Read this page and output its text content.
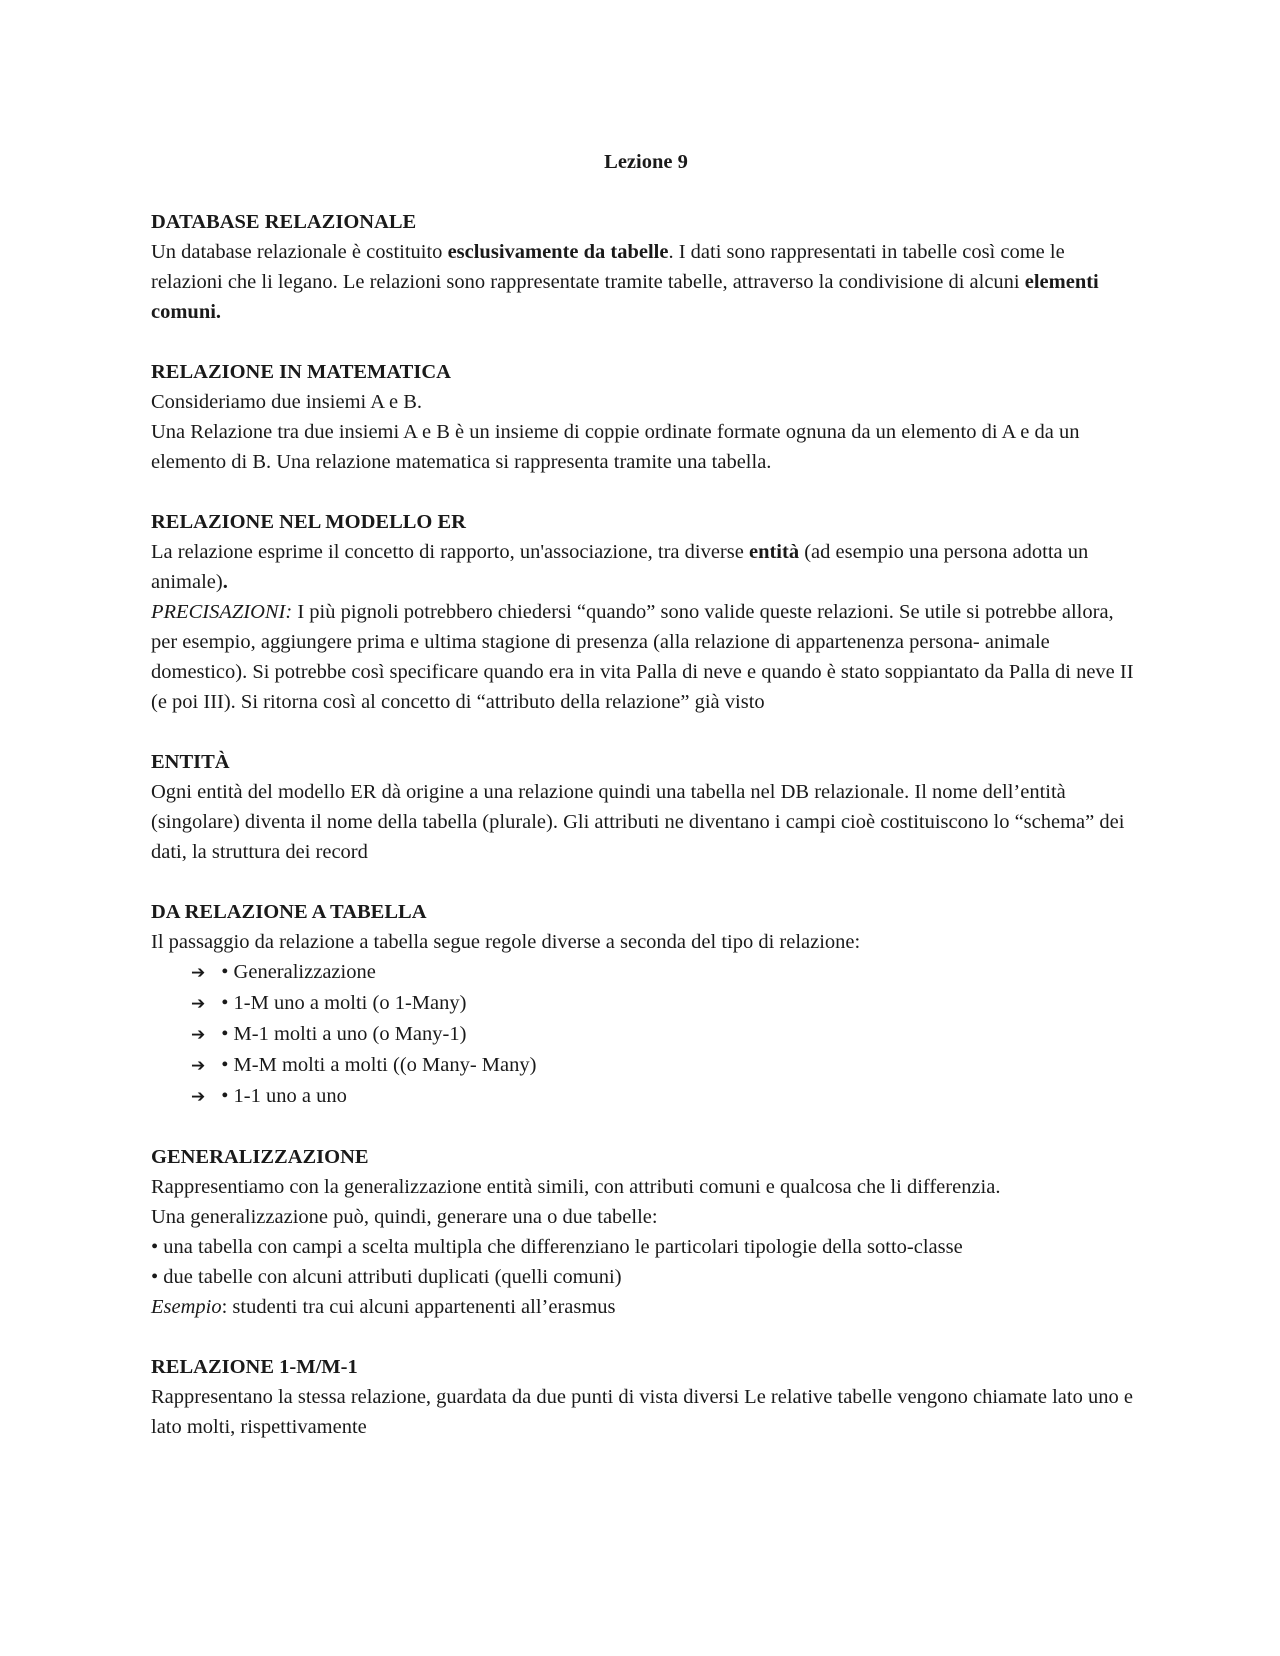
Lezione 9

DATABASE RELAZIONALE

Un database relazionale è costituito esclusivamente da tabelle. I dati sono rappresentati in tabelle così come le relazioni che li legano. Le relazioni sono rappresentate tramite tabelle, attraverso la condivisione di alcuni elementi comuni.

RELAZIONE IN MATEMATICA

Consideriamo due insiemi A e B.

Una Relazione tra due insiemi A e B è un insieme di coppie ordinate formate ognuna da un elemento di A e da un elemento di B. Una relazione matematica si rappresenta tramite una tabella.

RELAZIONE NEL MODELLO ER

La relazione esprime il concetto di rapporto, un'associazione, tra diverse entità (ad esempio una persona adotta un animale).

PRECISAZIONI: I più pignoli potrebbero chiedersi “quando” sono valide queste relazioni. Se utile si potrebbe allora, per esempio, aggiungere prima e ultima stagione di presenza (alla relazione di appartenenza persona- animale domestico). Si potrebbe così specificare quando era in vita Palla di neve e quando è stato soppiantato da Palla di neve II (e poi III). Si ritorna così al concetto di “attributo della relazione” già visto

ENTITÀ

Ogni entità del modello ER dà origine a una relazione quindi una tabella nel DB relazionale. Il nome dell’entità (singolare) diventa il nome della tabella (plurale). Gli attributi ne diventano i campi cioè costituiscono lo “schema” dei dati, la struttura dei record

DA RELAZIONE A TABELLA

Il passaggio da relazione a tabella segue regole diverse a seconda del tipo di relazione:

➔ • Generalizzazione
➔ • 1-M uno a molti (o 1-Many)
➔ • M-1 molti a uno (o Many-1)
➔ • M-M molti a molti ((o Many- Many)
➔ • 1-1 uno a uno

GENERALIZZAZIONE

Rappresentiamo con la generalizzazione entità simili, con attributi comuni e qualcosa che li differenzia.

Una generalizzazione può, quindi, generare una o due tabelle:

• una tabella con campi a scelta multipla che differenziano le particolari tipologie della sotto-classe

• due tabelle con alcuni attributi duplicati (quelli comuni)

Esempio: studenti tra cui alcuni appartenenti all’erasmus

RELAZIONE 1-M/M-1

Rappresentano la stessa relazione, guardata da due punti di vista diversi Le relative tabelle vengono chiamate lato uno e lato molti, rispettivamente
